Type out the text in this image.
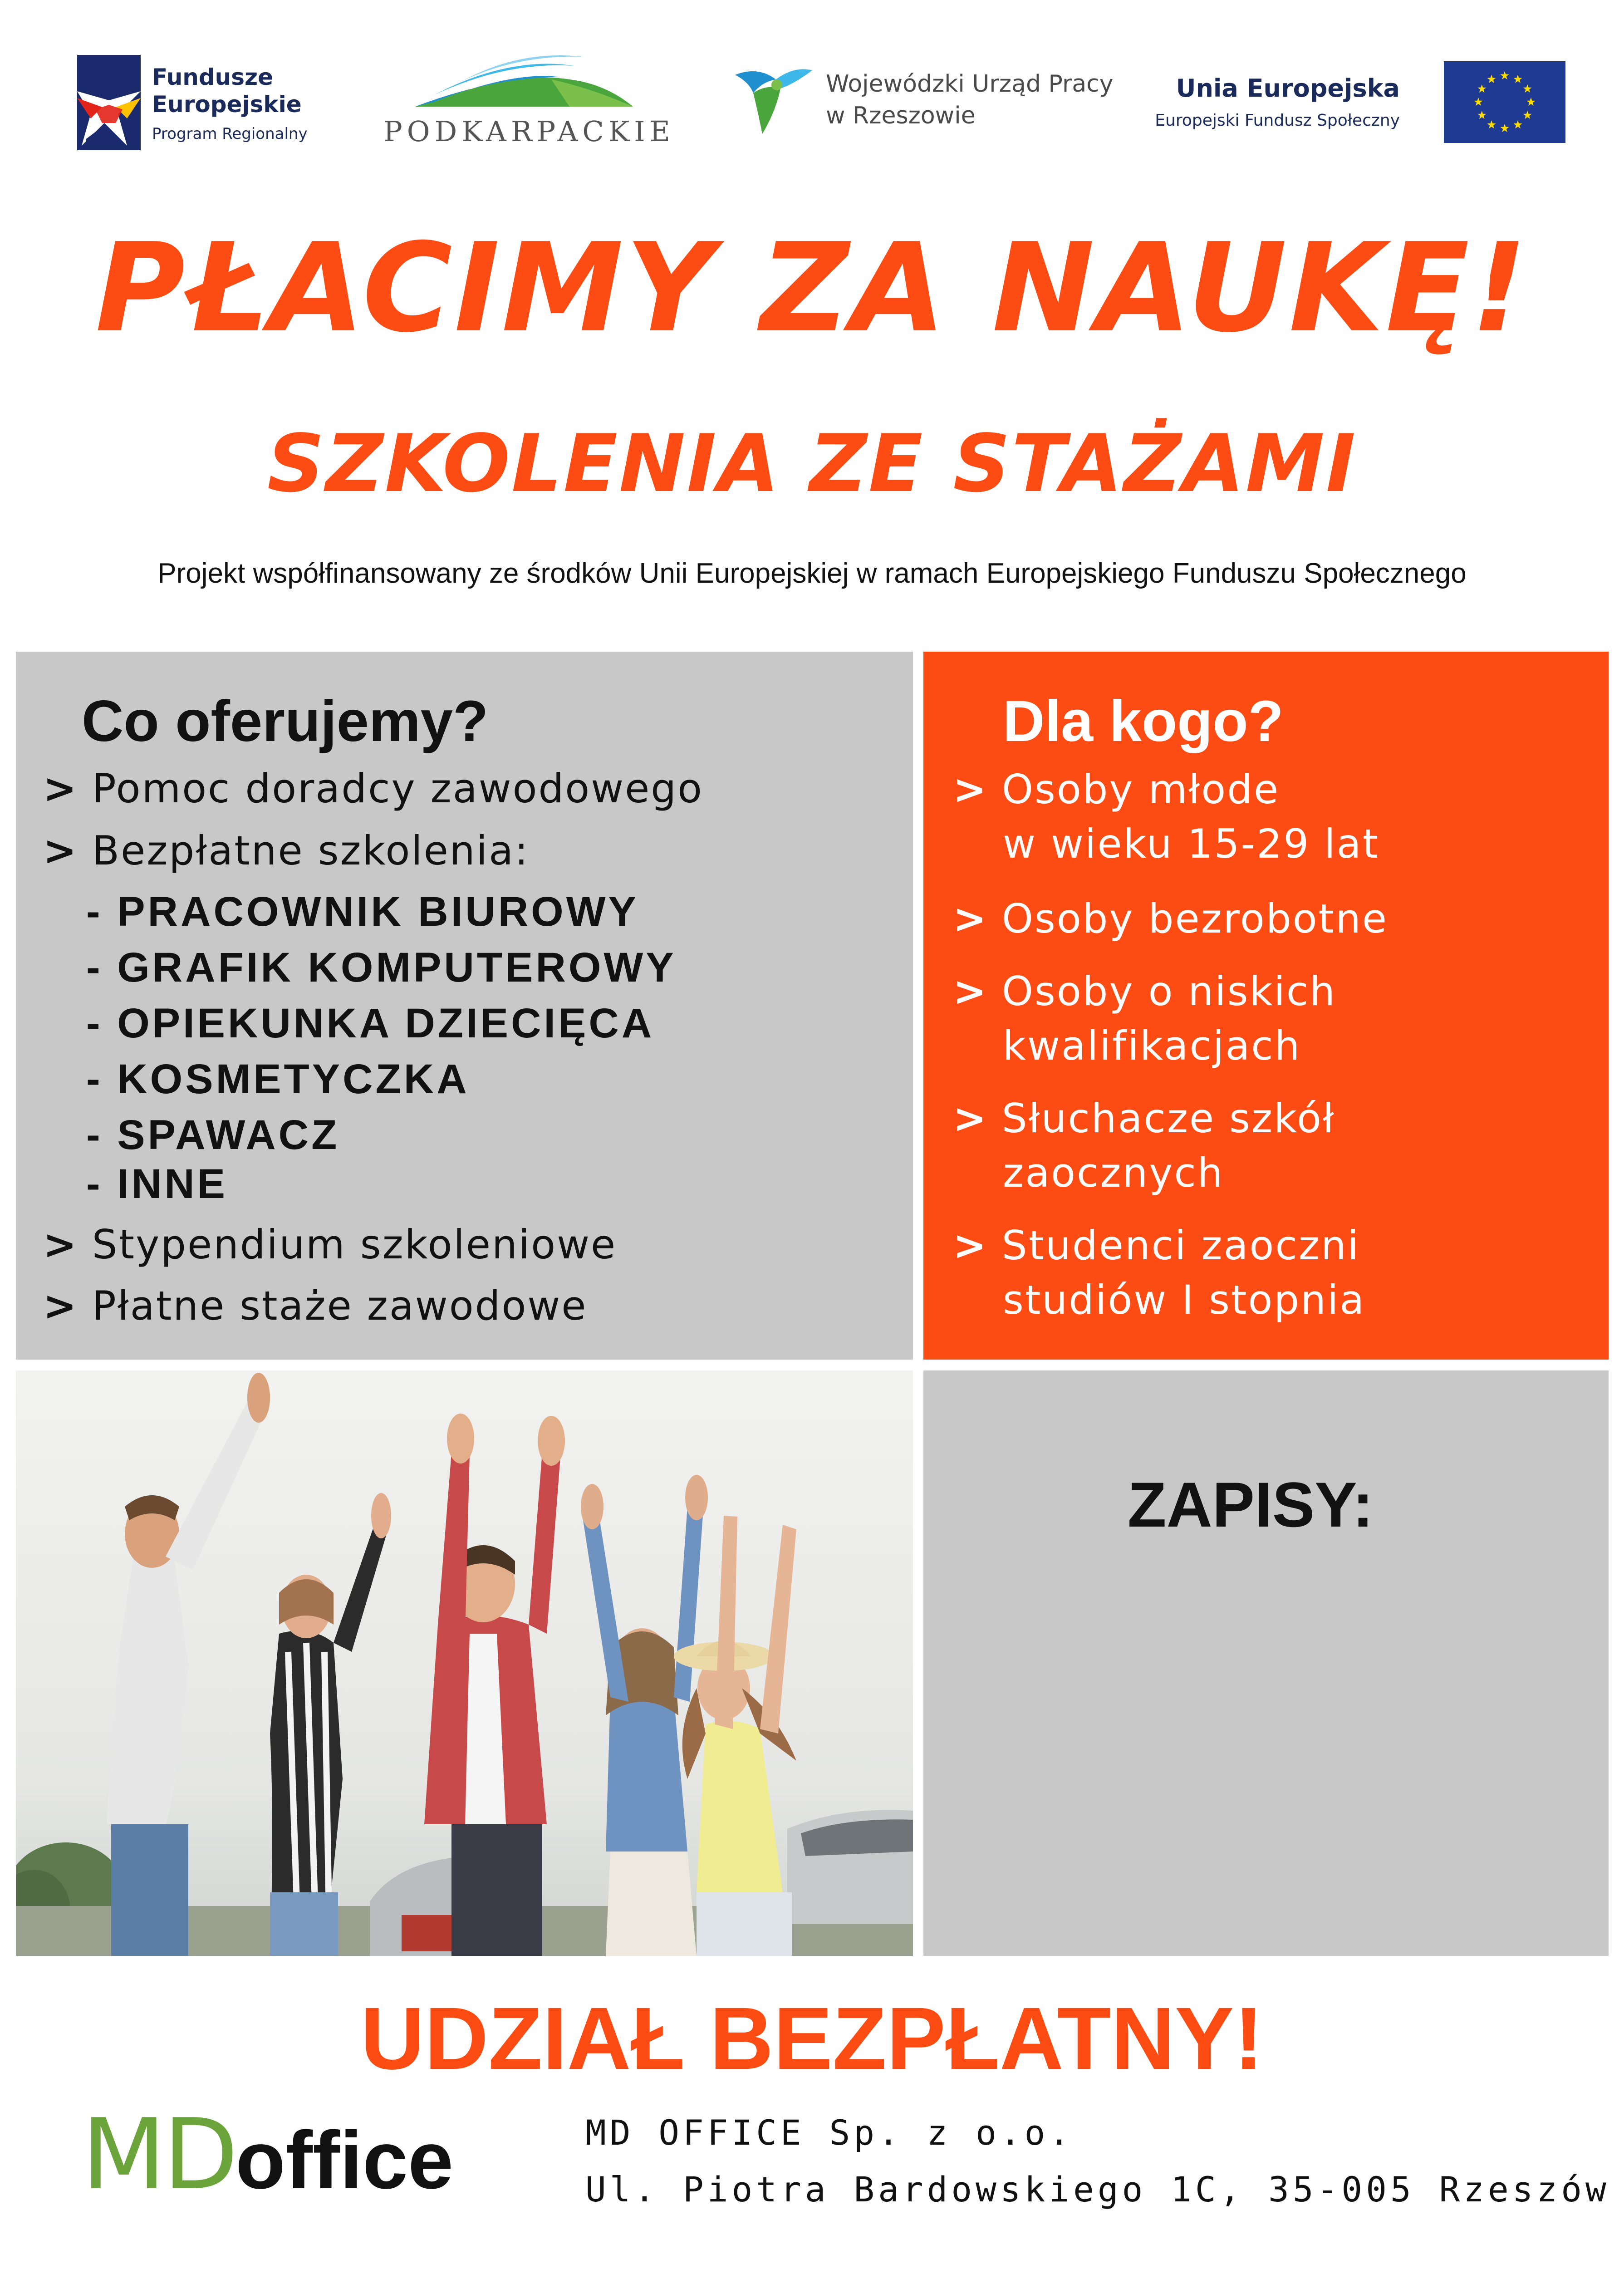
Fundusze
Europejskie
Program Regionalny	PODKARPACKIE
Wojewódzki Urząd Pracy
w Rzeszowie
Unia Europejska
Europejski Fundusz Społeczny
PŁACIMY ZA NAUKĘ!
SZKOLENIA ZE STAŻAMI
Projekt współfinansowany ze środków Unii Europejskiej w ramach Europejskiego Funduszu Społecznego
Co oferujemy?
> Pomoc doradcy zawodowego
> Bezpłatne szkolenia:
- PRACOWNIK BIUROWY
- GRAFIK KOMPUTEROWY
- OPIEKUNKA DZIECIĘCA
- KOSMETYCZKA
- SPAWACZ
- INNE
> Stypendium szkoleniowe
> Płatne staże zawodowe
Dla kogo?
> Osoby młode
w wieku 15-29 lat
> Osoby bezrobotne
> Osoby o niskich
kwalifikacjach
> Słuchacze szkół
zaocznych
> Studenci zaoczni
studiów I stopnia
ZAPISY:
UDZIAŁ BEZPŁATNY!
MDoffice	MD OFFICE Sp. z o.o.
Ul. Piotra Bardowskiego 1C, 35-005 Rzeszów
